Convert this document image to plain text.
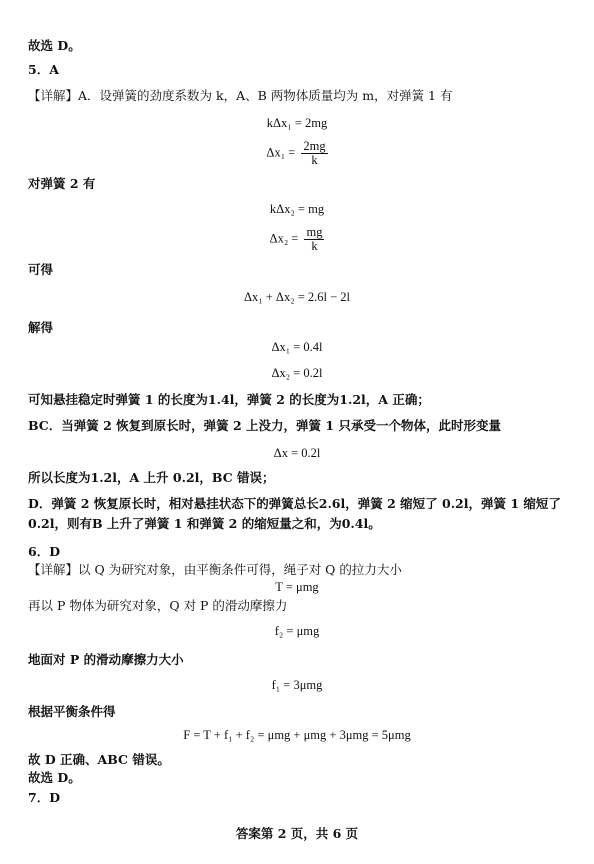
故选 D。
5．A
【详解】A．设弹簧的劲度系数为 k，A、B 两物体质量均为 m，对弹簧 1 有
kΔx₁ = 2mg
$\Delta x_1 = \frac{2mg}{k}$
对弹簧 2 有
kΔx₂ = mg
$\Delta x_2 = \frac{mg}{k}$
可得
Δx₁ + Δx₂ = 2.6l − 2l
解得
Δx₁ = 0.4l
Δx₂ = 0.2l
可知悬挂稳定时弹簧 1 的长度为1.4l，弹簧 2 的长度为1.2l，A 正确；
BC．当弹簧 2 恢复到原长时，弹簧 2 上没力，弹簧 1 只承受一个物体，此时形变量
Δx = 0.2l
所以长度为1.2l，A 上升 0.2l，BC 错误；
D．弹簧 2 恢复原长时，相对悬挂状态下的弹簧总长2.6l，弹簧 2 缩短了 0.2l，弹簧 1 缩短了 0.2l，则有B 上升了弹簧 1 和弹簧 2 的缩短量之和，为0.4l。
6．D
【详解】以 Q 为研究对象，由平衡条件可得，绳子对 Q 的拉力大小
T = μmg
再以 P 物体为研究对象，Q 对 P 的滑动摩擦力
f₂ = μmg
地面对 P 的滑动摩擦力大小
f₁ = 3μmg
根据平衡条件得
F = T + f₁ + f₂ = μmg + μmg + 3μmg = 5μmg
故 D 正确、ABC 错误。
故选 D。
7．D
答案第 2 页，共 6 页
